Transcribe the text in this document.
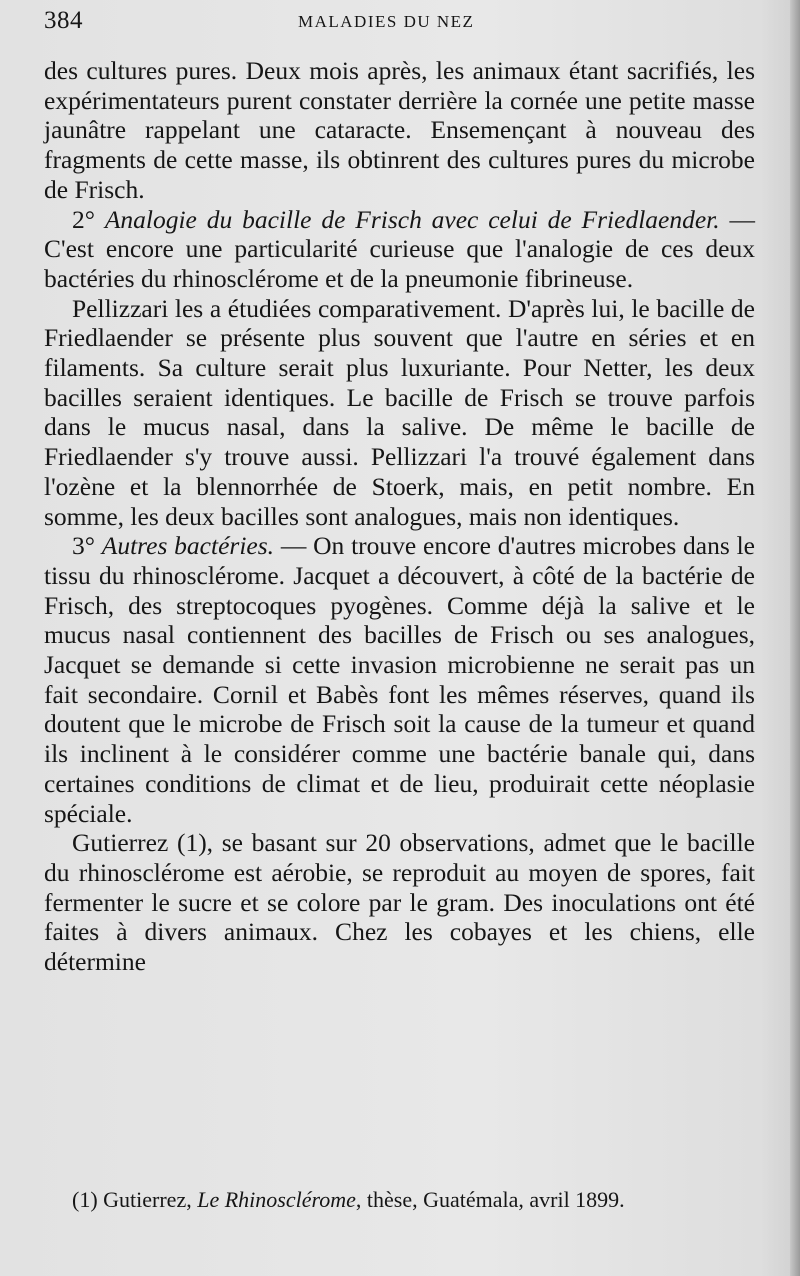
384	MALADIES DU NEZ

des cultures pures. Deux mois après, les animaux étant sacrifiés, les expérimentateurs purent constater derrière la cornée une petite masse jaunâtre rappelant une cataracte. Ensemençant à nouveau des fragments de cette masse, ils obtinrent des cultures pures du microbe de Frisch.

2° Analogie du bacille de Frisch avec celui de Friedlaender. — C'est encore une particularité curieuse que l'analogie de ces deux bactéries du rhinosclérome et de la pneumonie fibrineuse.

Pellizzari les a étudiées comparativement. D'après lui, le bacille de Friedlaender se présente plus souvent que l'autre en séries et en filaments. Sa culture serait plus luxuriante. Pour Netter, les deux bacilles seraient identiques. Le bacille de Frisch se trouve parfois dans le mucus nasal, dans la salive. De même le bacille de Friedlaender s'y trouve aussi. Pellizzari l'a trouvé également dans l'ozène et la blennorrhée de Stoerk, mais, en petit nombre. En somme, les deux bacilles sont analogues, mais non identiques.

3° Autres bactéries. — On trouve encore d'autres microbes dans le tissu du rhinosclérome. Jacquet a découvert, à côté de la bactérie de Frisch, des streptocoques pyogènes. Comme déjà la salive et le mucus nasal contiennent des bacilles de Frisch ou ses analogues, Jacquet se demande si cette invasion microbienne ne serait pas un fait secondaire. Cornil et Babès font les mêmes réserves, quand ils doutent que le microbe de Frisch soit la cause de la tumeur et quand ils inclinent à le considérer comme une bactérie banale qui, dans certaines conditions de climat et de lieu, produirait cette néoplasie spéciale.

Gutierrez (1), se basant sur 20 observations, admet que le bacille du rhinosclérome est aérobie, se reproduit au moyen de spores, fait fermenter le sucre et se colore par le gram. Des inoculations ont été faites à divers animaux. Chez les cobayes et les chiens, elle détermine

(1) Gutierrez, Le Rhinosclérome, thèse, Guatémala, avril 1899.
